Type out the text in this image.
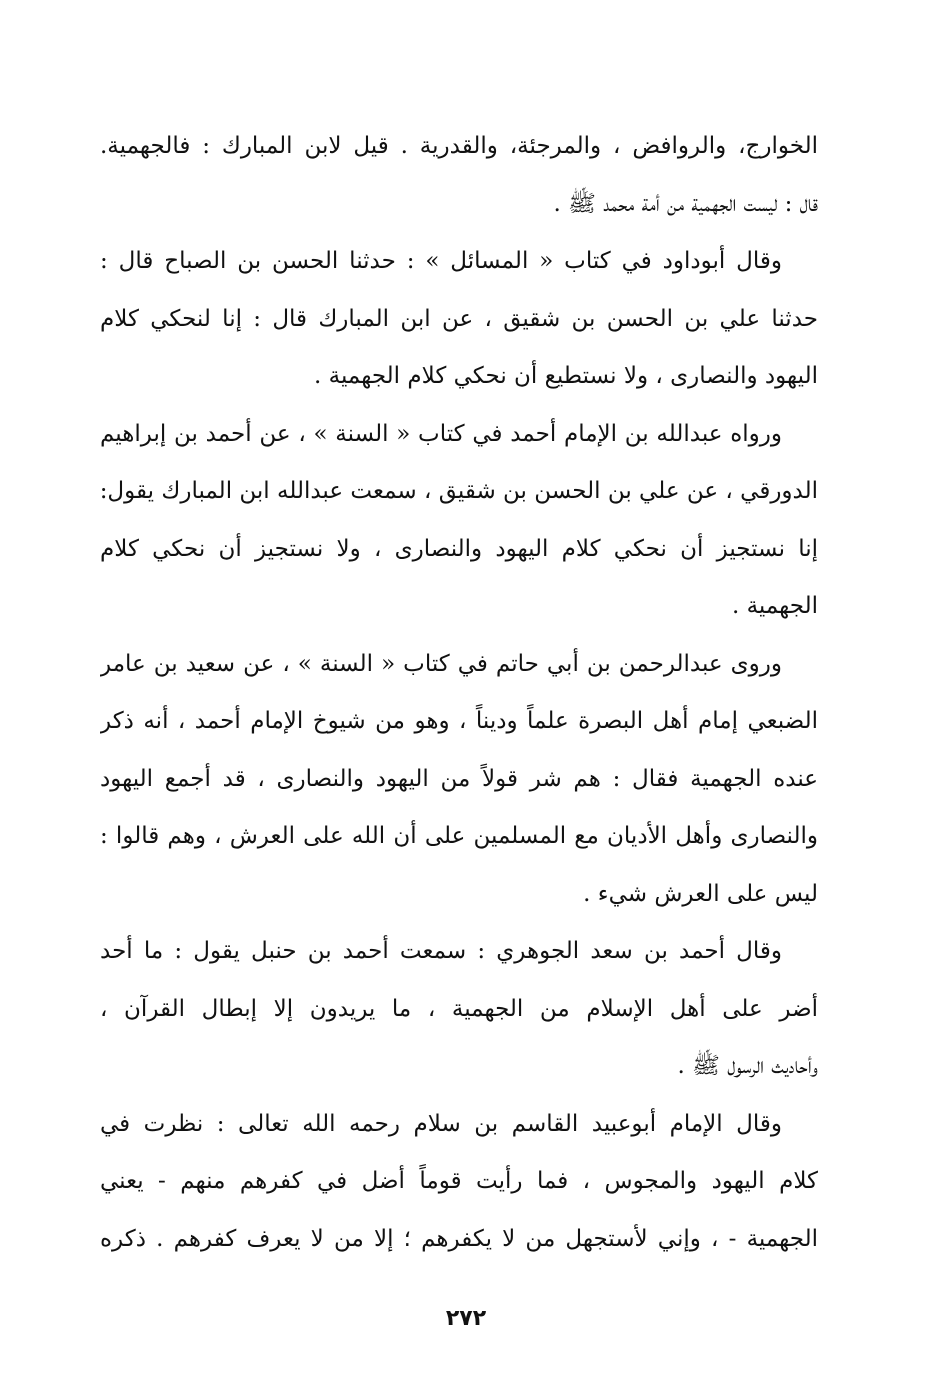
الخوارج، والروافض ، والمرجئة، والقدرية . قيل لابن المبارك : فالجهمية.
قال : ليست الجهمية من أمة محمد ﷺ .
وقال أبوداود في كتاب « المسائل » : حدثنا الحسن بن الصباح قال :
حدثنا علي بن الحسن بن شقيق ، عن ابن المبارك قال : إنا لنحكي كلام
اليهود والنصارى ، ولا نستطيع أن نحكي كلام الجهمية .
ورواه عبدالله بن الإمام أحمد في كتاب « السنة » ، عن أحمد بن إبراهيم
الدورقي ، عن علي بن الحسن بن شقيق ، سمعت عبدالله ابن المبارك يقول:
إنا نستجيز أن نحكي كلام اليهود والنصارى ، ولا نستجيز أن نحكي كلام
الجهمية .
وروى عبدالرحمن بن أبي حاتم في كتاب « السنة » ، عن سعيد بن عامر
الضبعي إمام أهل البصرة علماً وديناً ، وهو من شيوخ الإمام أحمد ، أنه ذكر
عنده الجهمية فقال : هم شر قولاً من اليهود والنصارى ، قد أجمع اليهود
والنصارى وأهل الأديان مع المسلمين على أن الله على العرش ، وهم قالوا :
ليس على العرش شيء .
وقال أحمد بن سعد الجوهري : سمعت أحمد بن حنبل يقول : ما أحد
أضر على أهل الإسلام من الجهمية ، ما يريدون إلا إبطال القرآن ،
وأحاديث الرسول ﷺ .
وقال الإمام أبوعبيد القاسم بن سلام رحمه الله تعالى : نظرت في
كلام اليهود والمجوس ، فما رأيت قوماً أضل في كفرهم منهم - يعني
الجهمية - ، وإني لأستجهل من لا يكفرهم ؛ إلا من لا يعرف كفرهم . ذكره
٢٧٢
